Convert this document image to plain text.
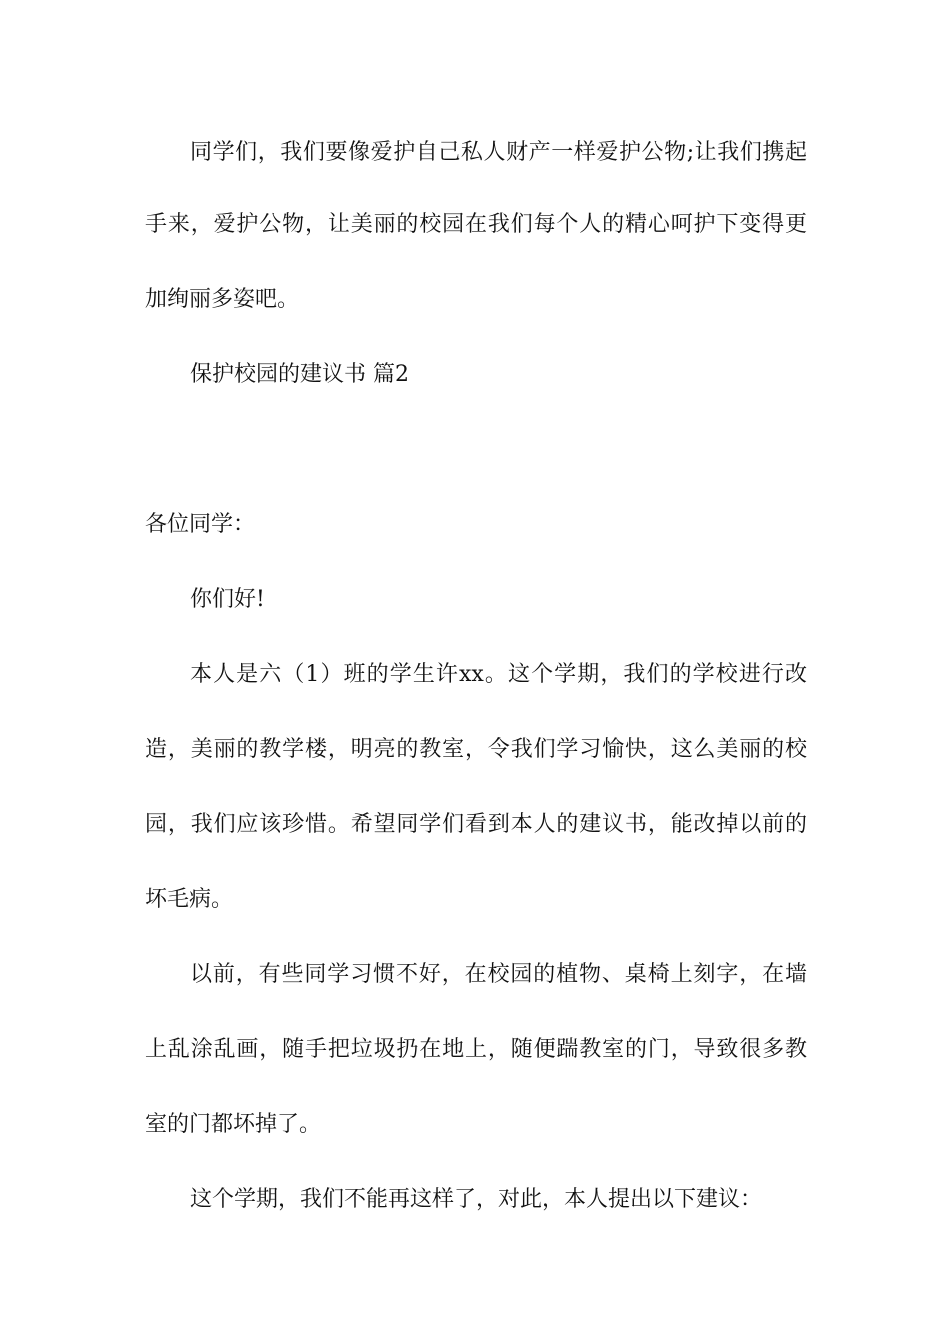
同学们，我们要像爱护自己私人财产一样爱护公物;让我们携起
手来，爱护公物，让美丽的校园在我们每个人的精心呵护下变得更
加绚丽多姿吧。
保护校园的建议书 篇2
各位同学：
你们好!
本人是六（1）班的学生许xx。这个学期，我们的学校进行改
造，美丽的教学楼，明亮的教室，令我们学习愉快，这么美丽的校
园，我们应该珍惜。希望同学们看到本人的建议书，能改掉以前的
坏毛病。
以前，有些同学习惯不好，在校园的植物、桌椅上刻字，在墙
上乱涂乱画，随手把垃圾扔在地上，随便踹教室的门，导致很多教
室的门都坏掉了。
这个学期，我们不能再这样了，对此，本人提出以下建议：
